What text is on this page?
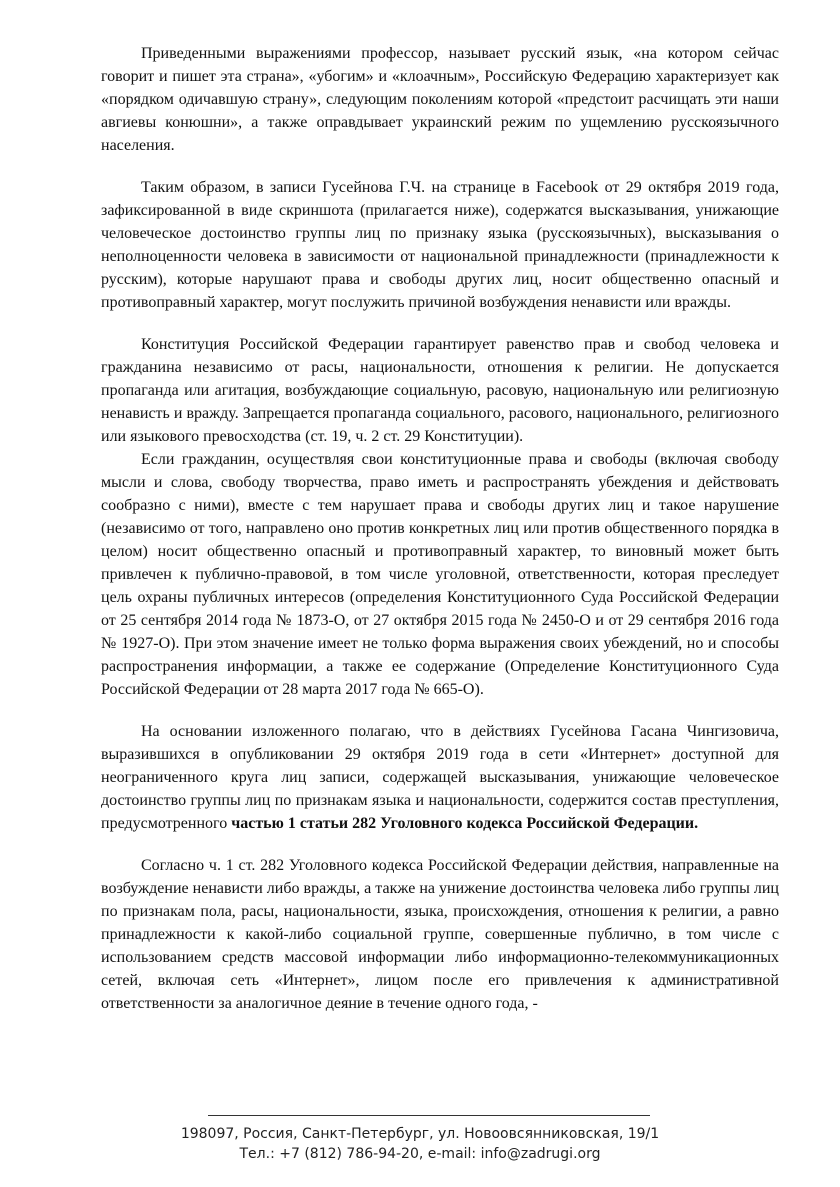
Приведенными выражениями профессор, называет русский язык, «на котором сейчас говорит и пишет эта страна», «убогим» и «клоачным», Российскую Федерацию характеризует как «порядком одичавшую страну», следующим поколениям которой «предстоит расчищать эти наши авгиевы конюшни», а также оправдывает украинский режим по ущемлению русскоязычного населения.

Таким образом, в записи Гусейнова Г.Ч. на странице в Facebook от 29 октября 2019 года, зафиксированной в виде скриншота (прилагается ниже), содержатся высказывания, унижающие человеческое достоинство группы лиц по признаку языка (русскоязычных), высказывания о неполноценности человека в зависимости от национальной принадлежности (принадлежности к русским), которые нарушают права и свободы других лиц, носит общественно опасный и противоправный характер, могут послужить причиной возбуждения ненависти или вражды.

Конституция Российской Федерации гарантирует равенство прав и свобод человека и гражданина независимо от расы, национальности, отношения к религии. Не допускается пропаганда или агитация, возбуждающие социальную, расовую, национальную или религиозную ненависть и вражду. Запрещается пропаганда социального, расового, национального, религиозного или языкового превосходства (ст. 19, ч. 2 ст. 29 Конституции).

Если гражданин, осуществляя свои конституционные права и свободы (включая свободу мысли и слова, свободу творчества, право иметь и распространять убеждения и действовать сообразно с ними), вместе с тем нарушает права и свободы других лиц и такое нарушение (независимо от того, направлено оно против конкретных лиц или против общественного порядка в целом) носит общественно опасный и противоправный характер, то виновный может быть привлечен к публично-правовой, в том числе уголовной, ответственности, которая преследует цель охраны публичных интересов (определения Конституционного Суда Российской Федерации от 25 сентября 2014 года № 1873-О, от 27 октября 2015 года № 2450-О и от 29 сентября 2016 года № 1927-О). При этом значение имеет не только форма выражения своих убеждений, но и способы распространения информации, а также ее содержание (Определение Конституционного Суда Российской Федерации от 28 марта 2017 года № 665-О).

На основании изложенного полагаю, что в действиях Гусейнова Гасана Чингизовича, выразившихся в опубликовании 29 октября 2019 года в сети «Интернет» доступной для неограниченного круга лиц записи, содержащей высказывания, унижающие человеческое достоинство группы лиц по признакам языка и национальности, содержится состав преступления, предусмотренного частью 1 статьи 282 Уголовного кодекса Российской Федерации.

Согласно ч. 1 ст. 282 Уголовного кодекса Российской Федерации действия, направленные на возбуждение ненависти либо вражды, а также на унижение достоинства человека либо группы лиц по признакам пола, расы, национальности, языка, происхождения, отношения к религии, а равно принадлежности к какой-либо социальной группе, совершенные публично, в том числе с использованием средств массовой информации либо информационно-телекоммуникационных сетей, включая сеть «Интернет», лицом после его привлечения к административной ответственности за аналогичное деяние в течение одного года, -

198097, Россия, Санкт-Петербург, ул. Новоовсянниковская, 19/1
Тел.: +7 (812) 786-94-20, e-mail: info@zadrugi.org
